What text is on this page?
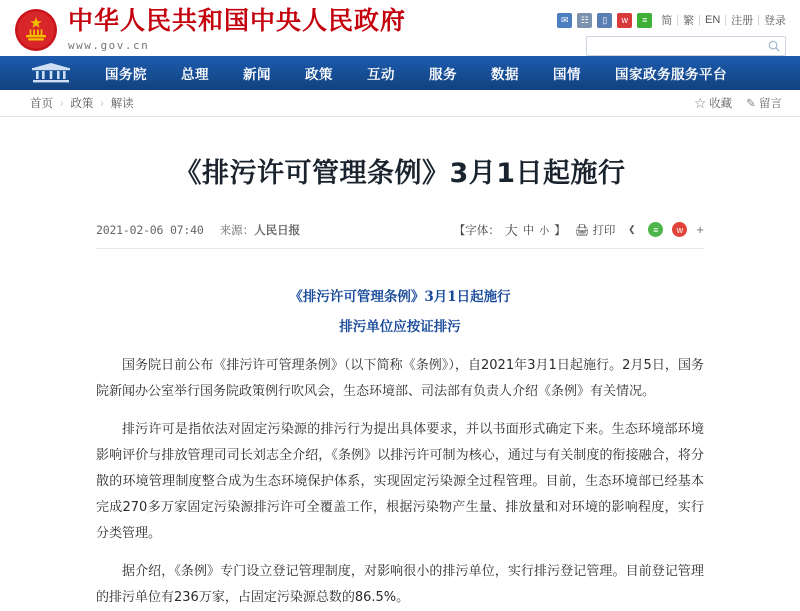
中华人民共和国中央人民政府
www.gov.cn
✉	☷	▯	w	≡	简 | 繁 | EN | 注册 | 登录
国务院	总理	新闻	政策	互动	服务	数据	国情	国家政务服务平台
首页 › 政策 › 解读	☆ 收藏 ✎ 留言
《排污许可管理条例》3月1日起施行
2021-02-06 07:40 来源： 人民日报	【字体： 大 中 小 】 🖨 打印	❮	≡	w	+
《排污许可管理条例》3月1日起施行
排污单位应按证排污

国务院日前公布《排污许可管理条例》（以下简称《条例》），自2021年3月1日起施行。2月5日，国务院新闻办公室举行国务院政策例行吹风会，生态环境部、司法部有负责人介绍《条例》有关情况。

排污许可是指依法对固定污染源的排污行为提出具体要求，并以书面形式确定下来。生态环境部环境影响评价与排放管理司司长刘志全介绍，《条例》以排污许可制为核心，通过与有关制度的衔接融合，将分散的环境管理制度整合成为生态环境保护体系，实现固定污染源全过程管理。目前，生态环境部已经基本完成270多万家固定污染源排污许可全覆盖工作，根据污染物产生量、排放量和对环境的影响程度，实行分类管理。

据介绍，《条例》专门设立登记管理制度，对影响很小的排污单位，实行排污登记管理。目前登记管理的排污单位有236万家，占固定污染源总数的86.5%。
